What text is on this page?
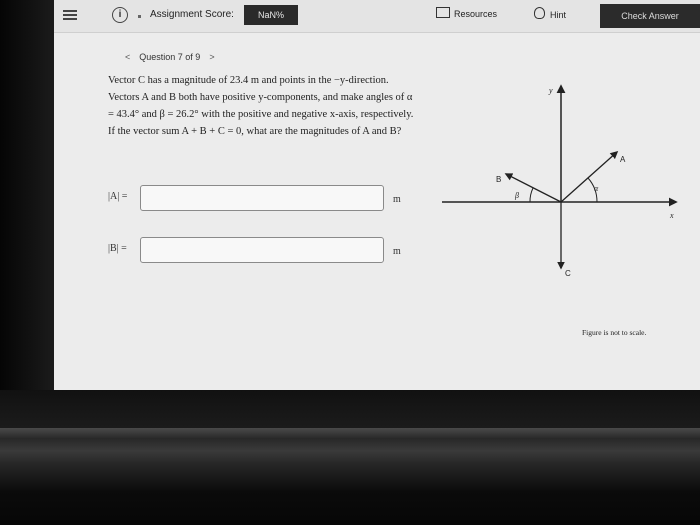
i	Assignment Score:	NaN%	Resources	Hint	Check Answer
< Question 7 of 9 >
Vector C has a magnitude of 23.4 m and points in the −y-direction. Vectors A and B both have positive y-components, and make angles of α = 43.4° and β = 26.2° with the positive and negative x-axis, respectively. If the vector sum A + B + C = 0, what are the magnitudes of A and B?
|A| =	m
|B| =	m
y
x
A
B
C
α
β
Figure is not to scale.
